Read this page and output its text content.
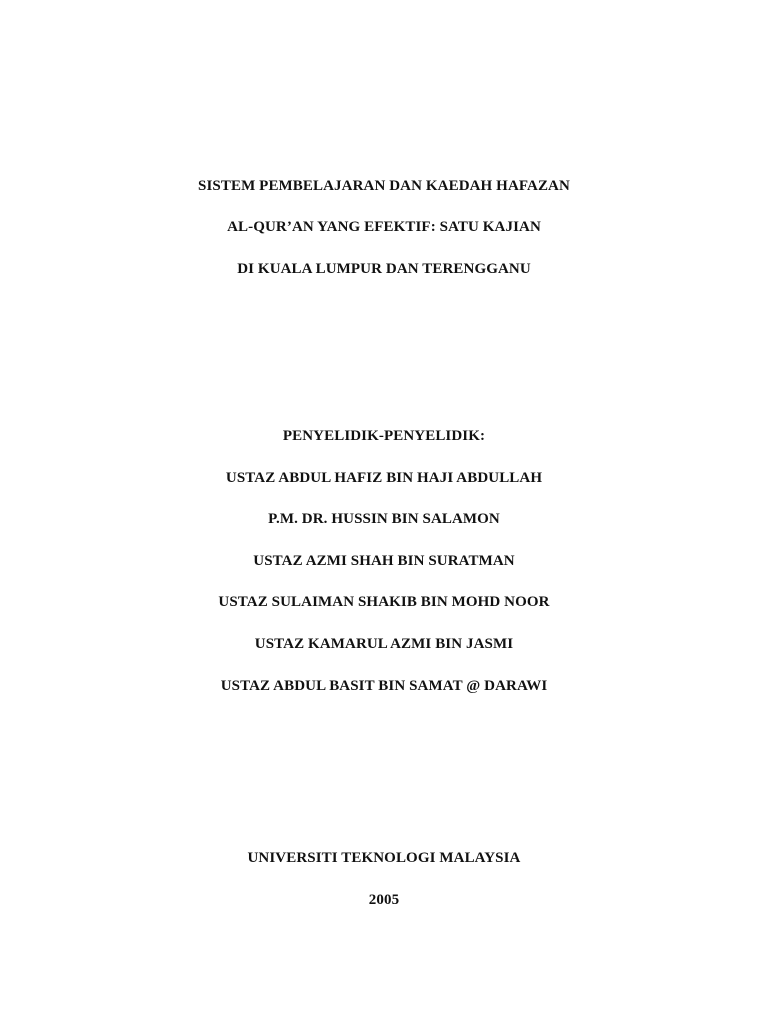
SISTEM PEMBELAJARAN DAN KAEDAH HAFAZAN
AL-QUR’AN YANG EFEKTIF: SATU KAJIAN
DI KUALA LUMPUR DAN TERENGGANU
PENYELIDIK-PENYELIDIK:
USTAZ ABDUL HAFIZ BIN HAJI ABDULLAH
P.M. DR. HUSSIN BIN SALAMON
USTAZ AZMI SHAH BIN SURATMAN
USTAZ SULAIMAN SHAKIB BIN MOHD NOOR
USTAZ KAMARUL AZMI BIN JASMI
USTAZ ABDUL BASIT BIN SAMAT @ DARAWI
UNIVERSITI TEKNOLOGI MALAYSIA
2005
